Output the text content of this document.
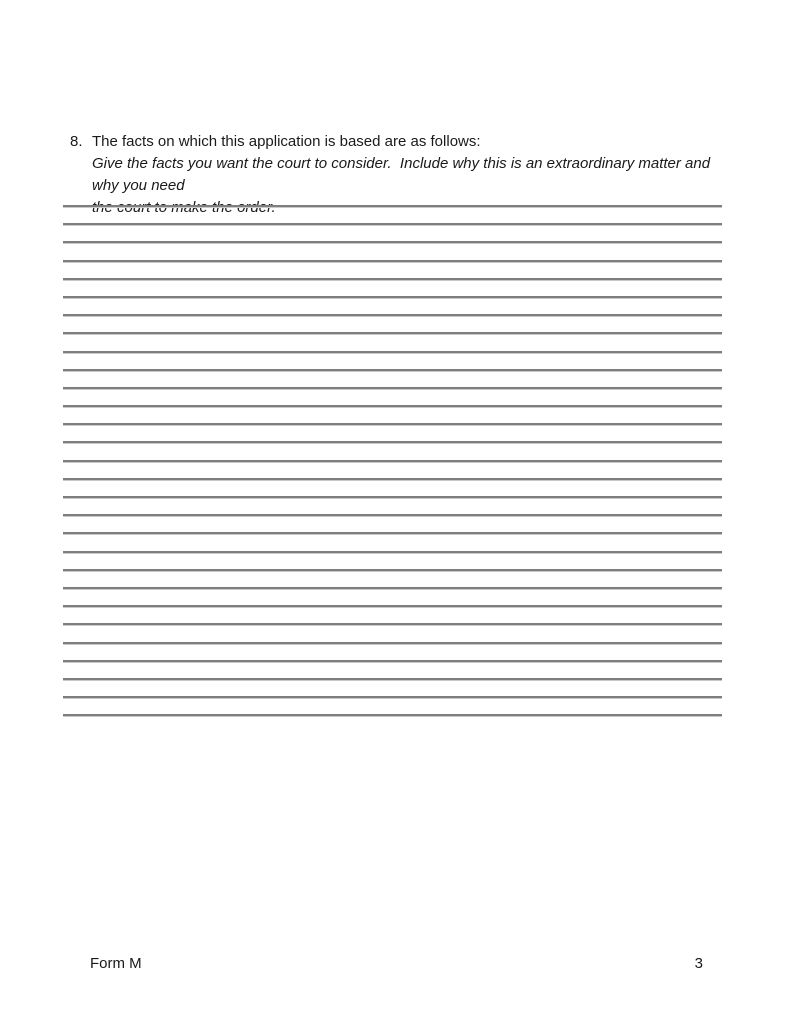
8. The facts on which this application is based are as follows:

Give the facts you want the court to consider.  Include why this is an extraordinary matter and why you need

Form M	3
